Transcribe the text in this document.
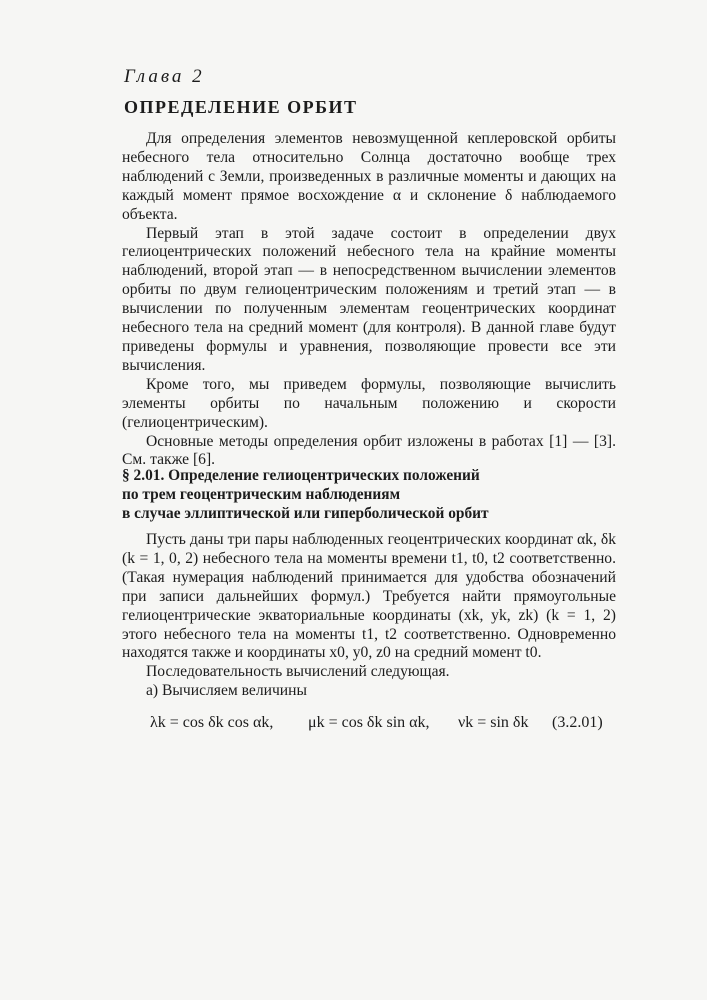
Глава 2
ОПРЕДЕЛЕНИЕ ОРБИТ

Для определения элементов невозмущенной кеплеровской орбиты небесного тела относительно Солнца достаточно вообще трех наблюдений с Земли, произведенных в различные моменты и дающих на каждый момент прямое восхождение α и склонение δ наблюдаемого объекта.

Первый этап в этой задаче состоит в определении двух гелиоцентрических положений небесного тела на крайние моменты наблюдений, второй этап — в непосредственном вычислении элементов орбиты по двум гелиоцентрическим положениям и третий этап — в вычислении по полученным элементам геоцентрических координат небесного тела на средний момент (для контроля). В данной главе будут приведены формулы и уравнения, позволяющие провести все эти вычисления.

Кроме того, мы приведем формулы, позволяющие вычислить элементы орбиты по начальным положению и скорости (гелиоцентрическим).

Основные методы определения орбит изложены в работах [1] — [3]. См. также [6].

§ 2.01. Определение гелиоцентрических положений
по трем геоцентрическим наблюдениям
в случае эллиптической или гиперболической орбит

Пусть даны три пары наблюденных геоцентрических координат αk, δk (k = 1, 0, 2) небесного тела на моменты времени t1, t0, t2 соответственно. (Такая нумерация наблюдений принимается для удобства обозначений при записи дальнейших формул.) Требуется найти прямоугольные гелиоцентрические экваториальные координаты (xk, yk, zk) (k = 1, 2) этого небесного тела на моменты t1, t2 соответственно. Одновременно находятся также и координаты x0, y0, z0 на средний момент t0.

Последовательность вычислений следующая.

а) Вычисляем величины

λk = cos δk cos αk, μk = cos δk sin αk, νk = sin δk (3.2.01)
